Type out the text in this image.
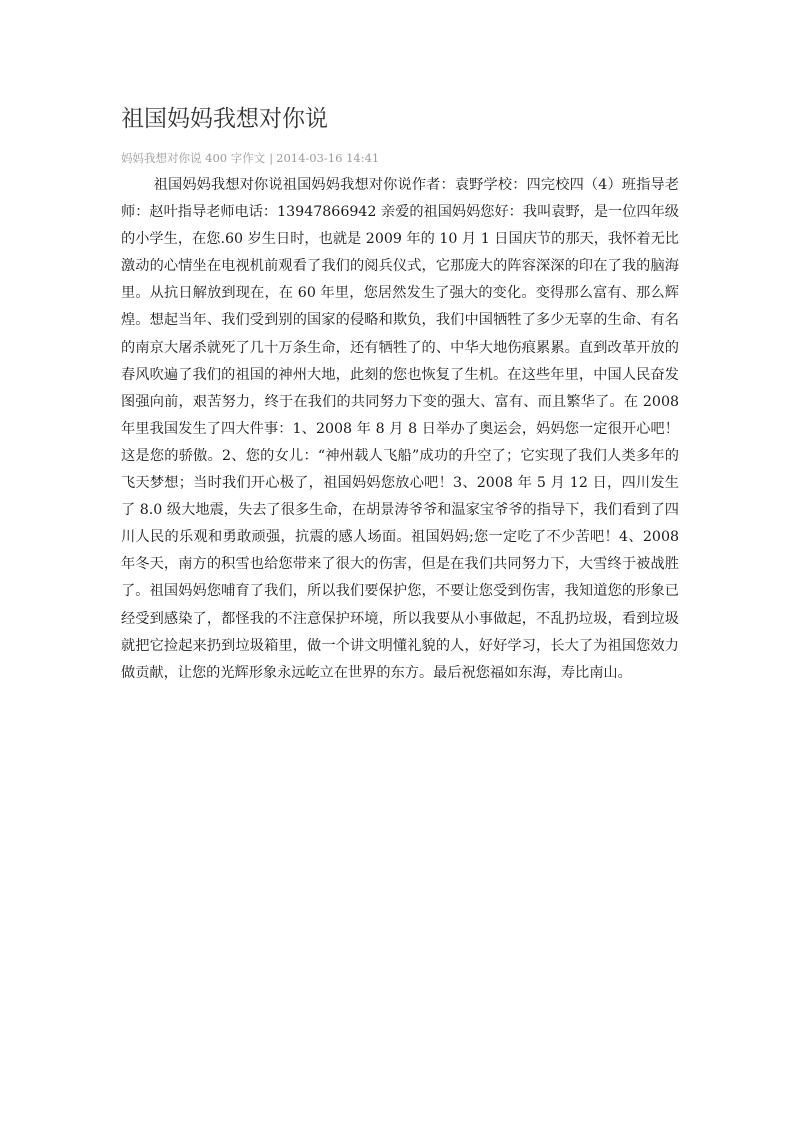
祖国妈妈我想对你说
妈妈我想对你说 400 字作文 | 2014-03-16 14:41

祖国妈妈我想对你说祖国妈妈我想对你说作者：袁野学校：四完校四（4）班指导老师：赵叶指导老师电话：13947866942 亲爱的祖国妈妈您好：我叫袁野，是一位四年级的小学生，在您.60 岁生日时，也就是 2009 年的 10 月 1 日国庆节的那天，我怀着无比激动的心情坐在电视机前观看了我们的阅兵仪式，它那庞大的阵容深深的印在了我的脑海里。从抗日解放到现在，在 60 年里，您居然发生了强大的变化。变得那么富有、那么辉煌。想起当年、我们受到别的国家的侵略和欺负，我们中国牺牲了多少无辜的生命、有名的南京大屠杀就死了几十万条生命，还有牺牲了的、中华大地伤痕累累。直到改革开放的春风吹遍了我们的祖国的神州大地，此刻的您也恢复了生机。在这些年里，中国人民奋发图强向前，艰苦努力，终于在我们的共同努力下变的强大、富有、而且繁华了。在 2008 年里我国发生了四大件事：1、2008 年 8 月 8 日举办了奥运会，妈妈您一定很开心吧！这是您的骄傲。2、您的女儿：“神州载人飞船”成功的升空了；它实现了我们人类多年的飞天梦想；当时我们开心极了，祖国妈妈您放心吧！3、2008 年 5 月 12 日，四川发生了 8.0 级大地震，失去了很多生命，在胡景涛爷爷和温家宝爷爷的指导下，我们看到了四川人民的乐观和勇敢顽强，抗震的感人场面。祖国妈妈;您一定吃了不少苦吧！4、2008 年冬天，南方的积雪也给您带来了很大的伤害，但是在我们共同努力下，大雪终于被战胜了。祖国妈妈您哺育了我们，所以我们要保护您，不要让您受到伤害，我知道您的形象已经受到感染了，都怪我的不注意保护环境，所以我要从小事做起，不乱扔垃圾，看到垃圾就把它捡起来扔到垃圾箱里，做一个讲文明懂礼貌的人，好好学习，长大了为祖国您效力做贡献，让您的光辉形象永远屹立在世界的东方。最后祝您福如东海，寿比南山。
